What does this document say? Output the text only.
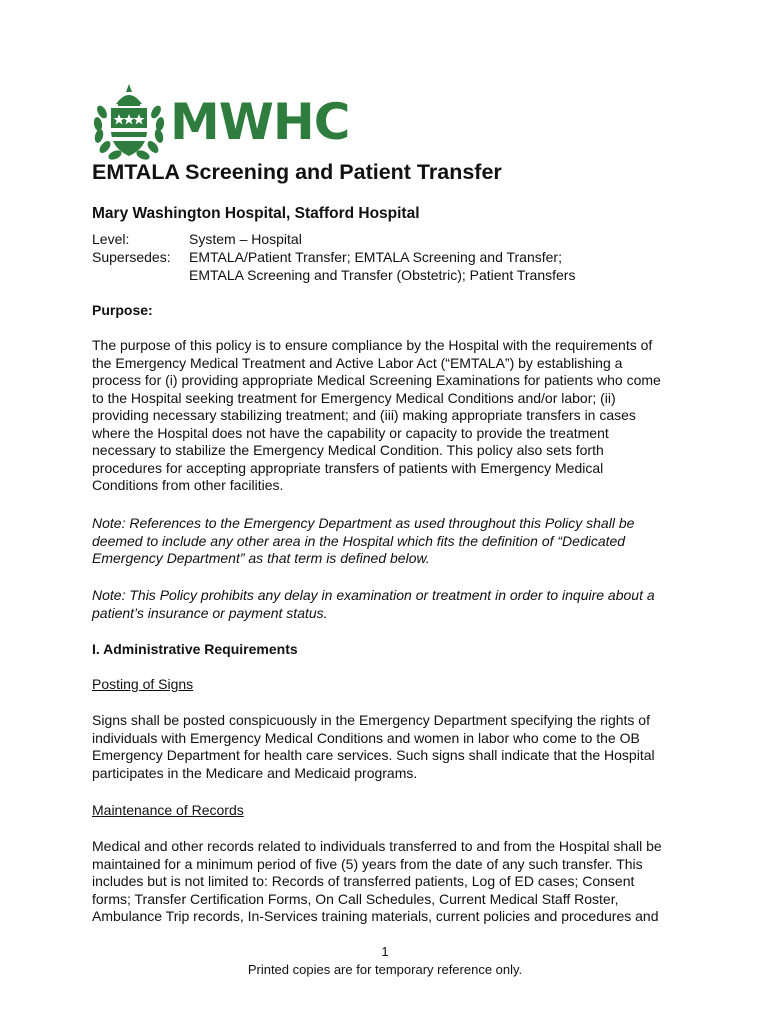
MWHC
EMTALA Screening and Patient Transfer
Mary Washington Hospital, Stafford Hospital
Level:	System – Hospital
Supersedes:	EMTALA/Patient Transfer; EMTALA Screening and Transfer;
EMTALA Screening and Transfer (Obstetric); Patient Transfers
Purpose:
The purpose of this policy is to ensure compliance by the Hospital with the requirements of
the Emergency Medical Treatment and Active Labor Act (“EMTALA”) by establishing a
process for (i) providing appropriate Medical Screening Examinations for patients who come
to the Hospital seeking treatment for Emergency Medical Conditions and/or labor; (ii)
providing necessary stabilizing treatment; and (iii) making appropriate transfers in cases
where the Hospital does not have the capability or capacity to provide the treatment
necessary to stabilize the Emergency Medical Condition. This policy also sets forth
procedures for accepting appropriate transfers of patients with Emergency Medical
Conditions from other facilities.
Note: References to the Emergency Department as used throughout this Policy shall be
deemed to include any other area in the Hospital which fits the definition of “Dedicated
Emergency Department” as that term is defined below.
Note: This Policy prohibits any delay in examination or treatment in order to inquire about a
patient’s insurance or payment status.
I. Administrative Requirements
Posting of Signs
Signs shall be posted conspicuously in the Emergency Department specifying the rights of
individuals with Emergency Medical Conditions and women in labor who come to the OB
Emergency Department for health care services. Such signs shall indicate that the Hospital
participates in the Medicare and Medicaid programs.
Maintenance of Records
Medical and other records related to individuals transferred to and from the Hospital shall be
maintained for a minimum period of five (5) years from the date of any such transfer. This
includes but is not limited to: Records of transferred patients, Log of ED cases; Consent
forms; Transfer Certification Forms, On Call Schedules, Current Medical Staff Roster,
Ambulance Trip records, In-Services training materials, current policies and procedures and
1
Printed copies are for temporary reference only.
